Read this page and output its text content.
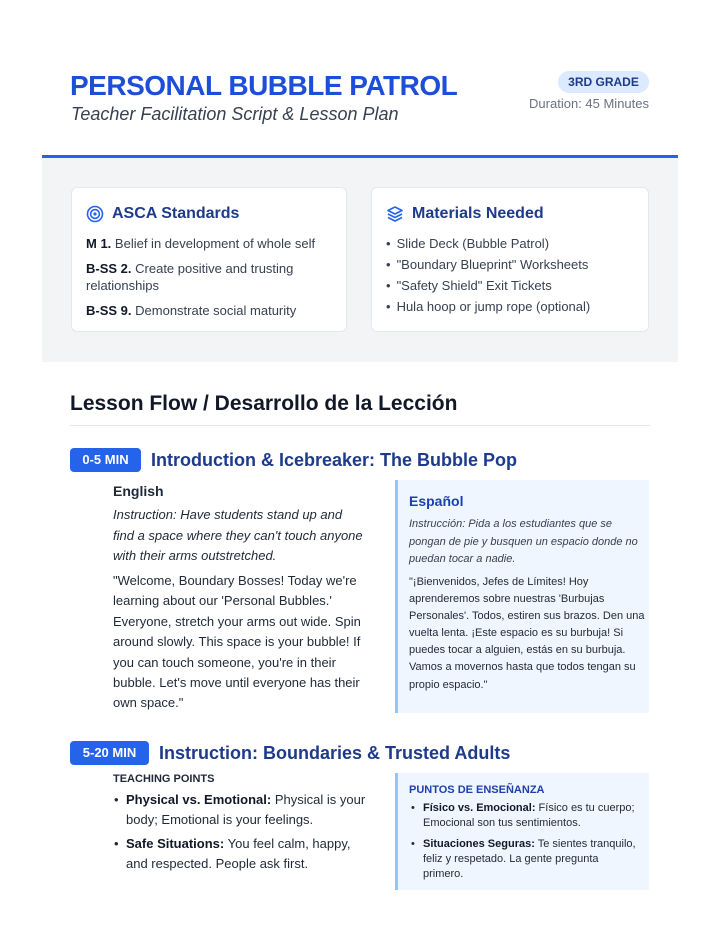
PERSONAL BUBBLE PATROL
Teacher Facilitation Script & Lesson Plan
3RD GRADE
Duration: 45 Minutes
ASCA Standards
M 1. Belief in development of whole self
B-SS 2. Create positive and trusting relationships
B-SS 9. Demonstrate social maturity
Materials Needed
• Slide Deck (Bubble Patrol)
• "Boundary Blueprint" Worksheets
• "Safety Shield" Exit Tickets
• Hula hoop or jump rope (optional)
Lesson Flow / Desarrollo de la Lección
0-5 MIN	Introduction & Icebreaker: The Bubble Pop
English
Instruction: Have students stand up and find a space where they can't touch anyone with their arms outstretched.
"Welcome, Boundary Bosses! Today we're learning about our 'Personal Bubbles.' Everyone, stretch your arms out wide. Spin around slowly. This space is your bubble! If you can touch someone, you're in their bubble. Let's move until everyone has their own space."
Español
Instrucción: Pida a los estudiantes que se pongan de pie y busquen un espacio donde no puedan tocar a nadie.
"¡Bienvenidos, Jefes de Límites! Hoy aprenderemos sobre nuestras 'Burbujas Personales'. Todos, estiren sus brazos. Den una vuelta lenta. ¡Este espacio es su burbuja! Si puedes tocar a alguien, estás en su burbuja. Vamos a movernos hasta que todos tengan su propio espacio."
5-20 MIN	Instruction: Boundaries & Trusted Adults
TEACHING POINTS
• Physical vs. Emotional: Physical is your body; Emotional is your feelings.
• Safe Situations: You feel calm, happy, and respected. People ask first.
PUNTOS DE ENSEÑANZA
• Físico vs. Emocional: Físico es tu cuerpo; Emocional son tus sentimientos.
• Situaciones Seguras: Te sientes tranquilo, feliz y respetado. La gente pregunta primero.
